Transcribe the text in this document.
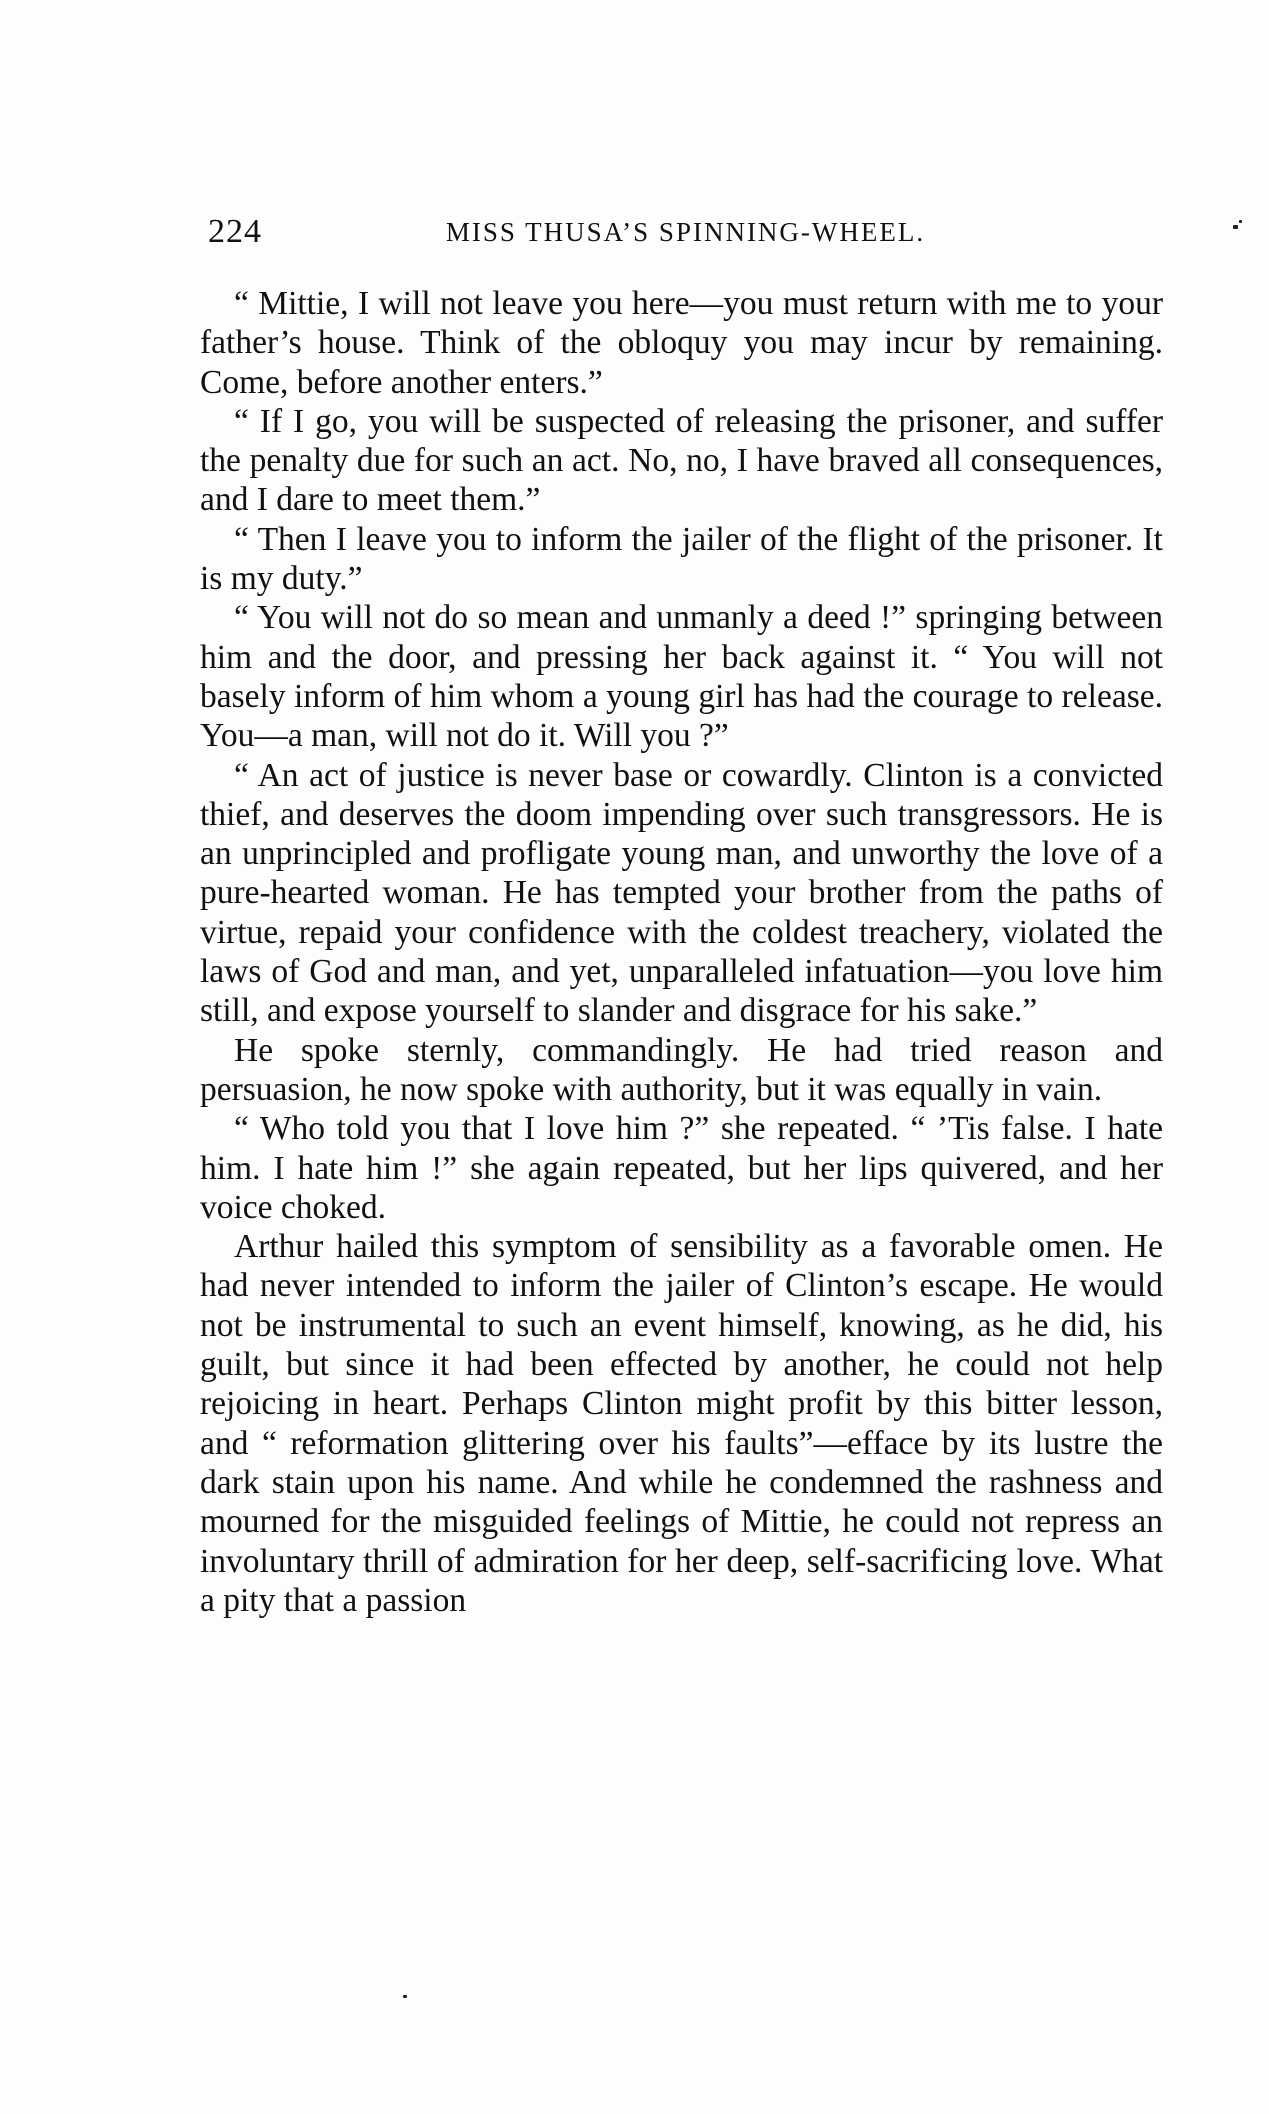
224	MISS THUSA’S SPINNING-WHEEL.

“ Mittie, I will not leave you here—you must return with me to your father’s house. Think of the obloquy you may incur by remaining. Come, before another enters.”

“ If I go, you will be suspected of releasing the prisoner, and suffer the penalty due for such an act. No, no, I have braved all consequences, and I dare to meet them.”

“ Then I leave you to inform the jailer of the flight of the prisoner. It is my duty.”

“ You will not do so mean and unmanly a deed !” springing between him and the door, and pressing her back against it. “ You will not basely inform of him whom a young girl has had the courage to release. You—a man, will not do it. Will you ?”

“ An act of justice is never base or cowardly. Clinton is a convicted thief, and deserves the doom impending over such transgressors. He is an unprincipled and profligate young man, and unworthy the love of a pure-hearted woman. He has tempted your brother from the paths of virtue, repaid your confidence with the coldest treachery, violated the laws of God and man, and yet, unparalleled infatuation—you love him still, and expose yourself to slander and disgrace for his sake.”

He spoke sternly, commandingly. He had tried reason and persuasion, he now spoke with authority, but it was equally in vain.

“ Who told you that I love him ?” she repeated. “ ’Tis false. I hate him. I hate him !” she again repeated, but her lips quivered, and her voice choked.

Arthur hailed this symptom of sensibility as a favorable omen. He had never intended to inform the jailer of Clinton’s escape. He would not be instrumental to such an event himself, knowing, as he did, his guilt, but since it had been effected by another, he could not help rejoicing in heart. Perhaps Clinton might profit by this bitter lesson, and “ reformation glittering over his faults”—efface by its lustre the dark stain upon his name. And while he condemned the rashness and mourned for the misguided feelings of Mittie, he could not repress an involuntary thrill of admiration for her deep, self-sacrificing love. What a pity that a passion
